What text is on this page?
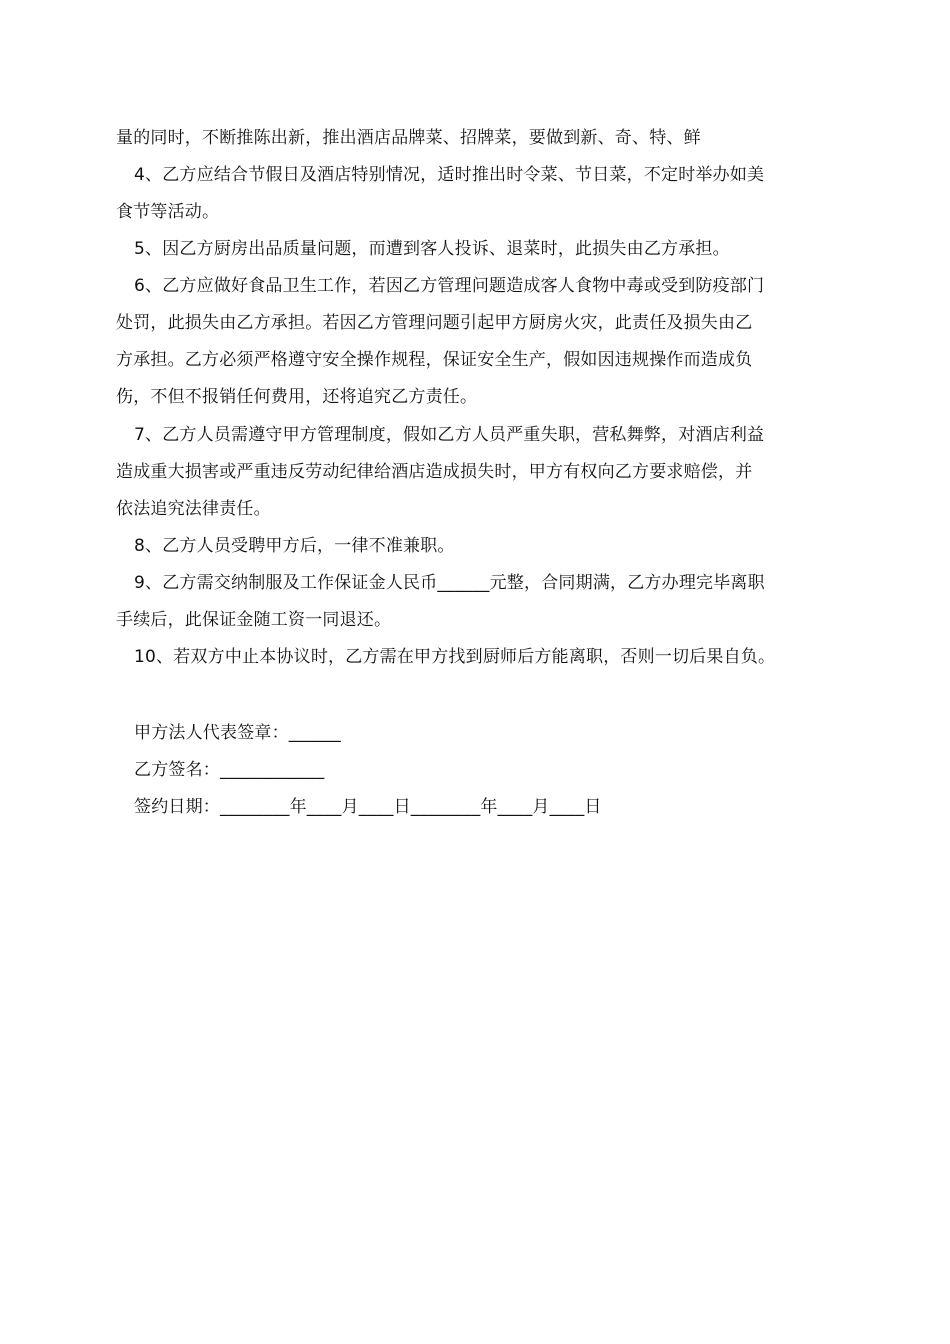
量的同时，不断推陈出新，推出酒店品牌菜、招牌菜，要做到新、奇、特、鲜
4、乙方应结合节假日及酒店特别情况，适时推出时令菜、节日菜，不定时举办如美
食节等活动。
5、因乙方厨房出品质量问题，而遭到客人投诉、退菜时，此损失由乙方承担。
6、乙方应做好食品卫生工作，若因乙方管理问题造成客人食物中毒或受到防疫部门
处罚，此损失由乙方承担。若因乙方管理问题引起甲方厨房火灾，此责任及损失由乙
方承担。乙方必须严格遵守安全操作规程，保证安全生产，假如因违规操作而造成负
伤，不但不报销任何费用，还将追究乙方责任。
7、乙方人员需遵守甲方管理制度，假如乙方人员严重失职，营私舞弊，对酒店利益
造成重大损害或严重违反劳动纪律给酒店造成损失时，甲方有权向乙方要求赔偿，并
依法追究法律责任。
8、乙方人员受聘甲方后，一律不准兼职。
9、乙方需交纳制服及工作保证金人民币______元整，合同期满，乙方办理完毕离职
手续后，此保证金随工资一同退还。
10、若双方中止本协议时，乙方需在甲方找到厨师后方能离职，否则一切后果自负。
甲方法人代表签章：______
乙方签名：____________
签约日期：________年____月____日________年____月____日
